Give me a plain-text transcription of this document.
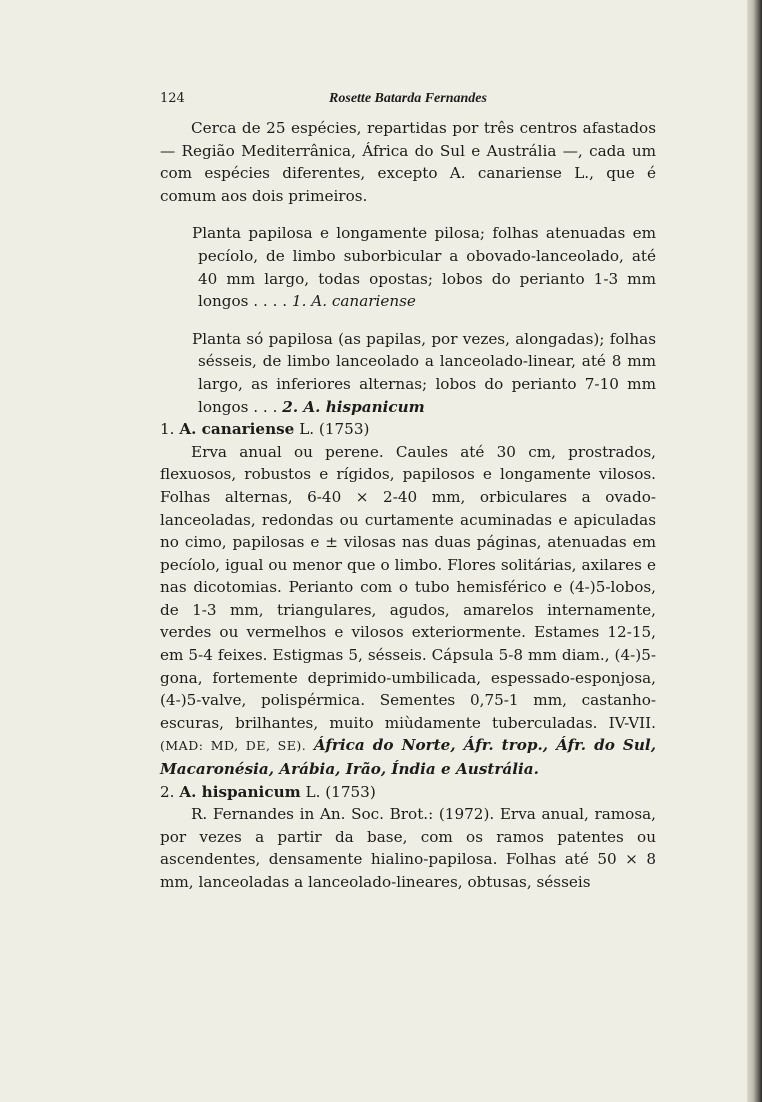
124	Rosette Batarda Fernandes

Cerca de 25 espécies, repartidas por três centros afastados — Região Mediterrânica, África do Sul e Austrália —, cada um com espécies diferentes, excepto A. canariense L., que é comum aos dois primeiros.

Planta papilosa e longamente pilosa; folhas atenuadas em pecíolo, de limbo suborbicular a obovado-lanceolado, até 40 mm largo, todas opostas; lobos do perianto 1-3 mm longos . . . . 1. A. canariense

Planta só papilosa (as papilas, por vezes, alongadas); folhas sésseis, de limbo lanceolado a lanceolado-linear, até 8 mm largo, as inferiores alternas; lobos do perianto 7-10 mm longos . . . 2. A. hispanicum

1. A. canariense L. (1753)

Erva anual ou perene. Caules até 30 cm, prostrados, flexuosos, robustos e rígidos, papilosos e longamente vilosos. Folhas alternas, 6-40 × 2-40 mm, orbiculares a ovado-lanceoladas, redondas ou curtamente acuminadas e apiculadas no cimo, papilosas e ± vilosas nas duas páginas, atenuadas em pecíolo, igual ou menor que o limbo. Flores solitárias, axilares e nas dicotomias. Perianto com o tubo hemisférico e (4-)5-lobos, de 1-3 mm, triangulares, agudos, amarelos internamente, verdes ou vermelhos e vilosos exteriormente. Estames 12-15, em 5-4 feixes. Estigmas 5, sésseis. Cápsula 5-8 mm diam., (4-)5-gona, fortemente deprimido-umbilicada, espessado-esponjosa, (4-)5-valve, polispérmica. Sementes 0,75-1 mm, castanho-escuras, brilhantes, muito miùdamente tuberculadas. IV-VII. (MAD: MD, DE, SE). África do Norte, Áfr. trop., Áfr. do Sul, Macaronésia, Arábia, Irão, Índia e Austrália.

2. A. hispanicum L. (1753)

R. Fernandes in An. Soc. Brot.: (1972). Erva anual, ramosa, por vezes a partir da base, com os ramos patentes ou ascendentes, densamente hialino-papilosa. Folhas até 50 × 8 mm, lanceoladas a lanceolado-lineares, obtusas, sésseis
